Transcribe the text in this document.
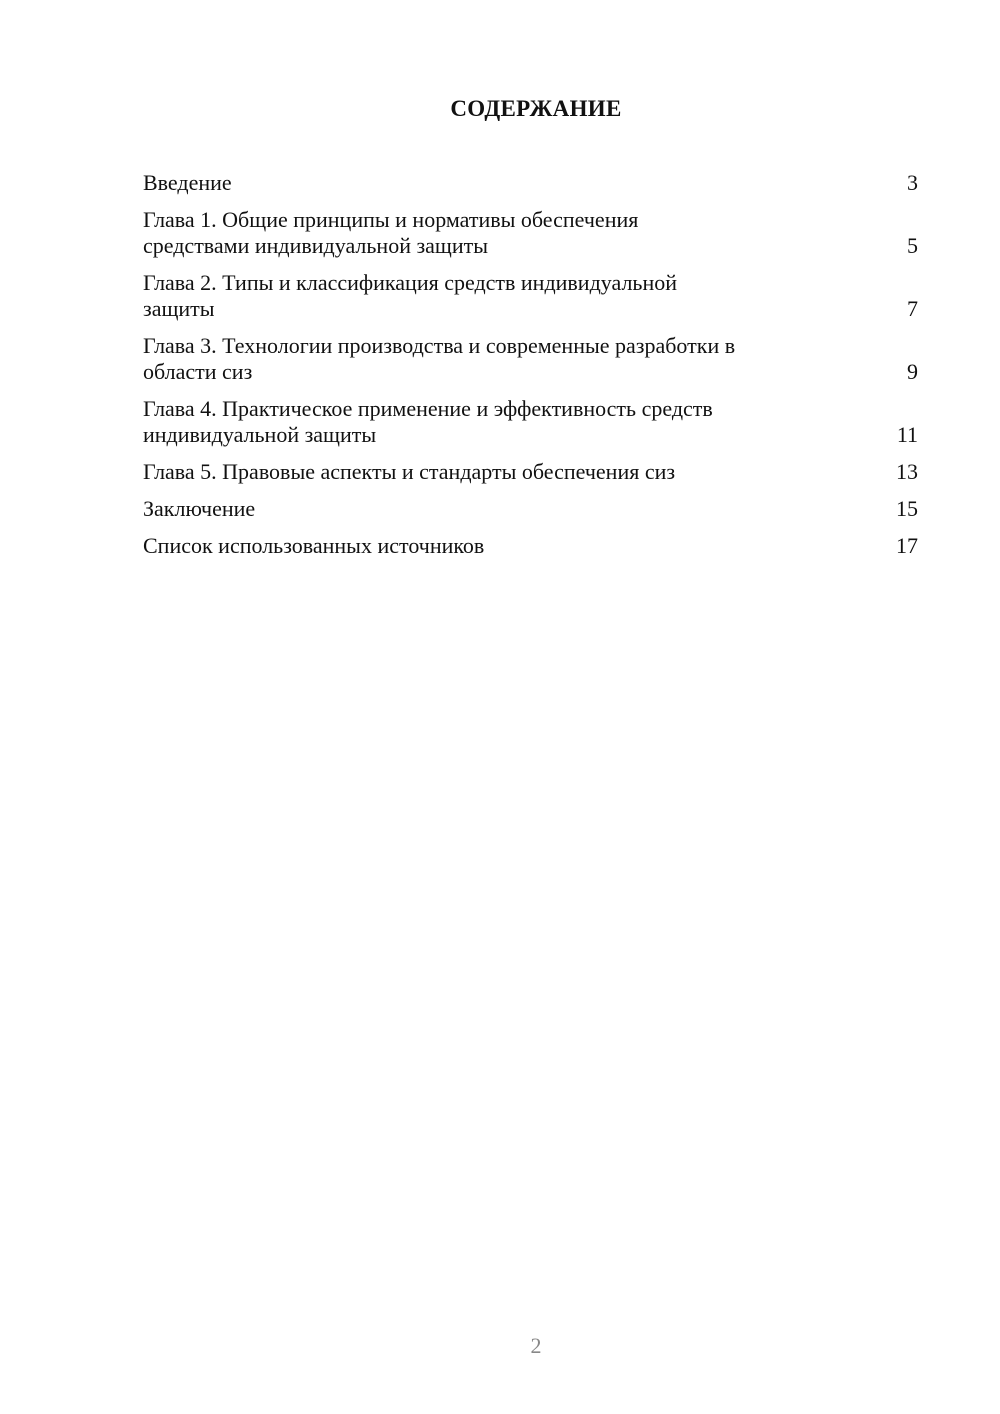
СОДЕРЖАНИЕ
Введение	3
Глава 1. Общие принципы и нормативы обеспечения
средствами индивидуальной защиты	5
Глава 2. Типы и классификация средств индивидуальной
защиты	7
Глава 3. Технологии производства и современные разработки в
области сиз	9
Глава 4. Практическое применение и эффективность средств
индивидуальной защиты	11
Глава 5. Правовые аспекты и стандарты обеспечения сиз	13
Заключение	15
Список использованных источников	17
2
